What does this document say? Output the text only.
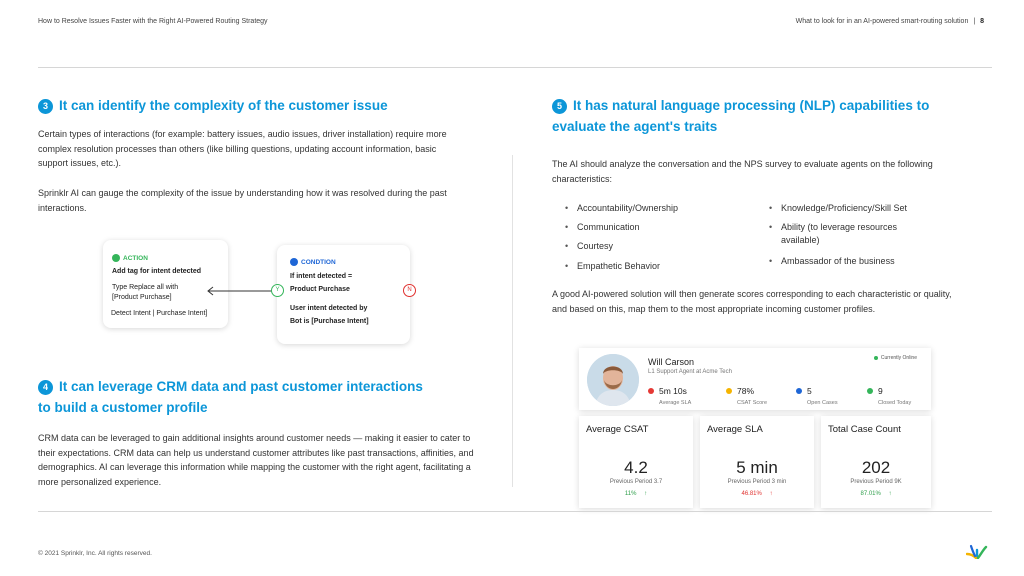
How to Resolve Issues Faster with the Right AI-Powered Routing Strategy	What to look for in an AI-powered smart-routing solution | 8
3 It can identify the complexity of the customer issue
Certain types of interactions (for example: battery issues, audio issues, driver installation) require more complex resolution processes than others (like billing questions, updating account information, basic support issues, etc.).
Sprinklr AI can gauge the complexity of the issue by understanding how it was resolved during the past interactions.
ACTION
Add tag for intent detected
Type Replace all with
[Product Purchase]
Detect Intent | Purchase Intent]
CONDTION
If intent detected =
Product Purchase
User intent detected by
Bot is [Purchase Intent]
Y	N
4 It can leverage CRM data and past customer interactions
to build a customer profile
CRM data can be leveraged to gain additional insights around customer needs — making it easier to cater to their expectations. CRM data can help us understand customer attributes like past transactions, affinities, and demographics. AI can leverage this information while mapping the customer with the right agent, facilitating a more personalized experience.
5 It has natural language processing (NLP) capabilities to
evaluate the agent's traits
The AI should analyze the conversation and the NPS survey to evaluate agents on the following characteristics:
• Accountability/Ownership
• Communication
• Courtesy
• Empathetic Behavior
• Knowledge/Proficiency/Skill Set
• Ability (to leverage resources available)
• Ambassador of the business
A good AI-powered solution will then generate scores corresponding to each characteristic or quality, and based on this, map them to the most appropriate incoming customer profiles.
Will Carson
L1 Support Agent at Acme Tech
Currently Online
5m 10s
Average SLA
78%
CSAT Score
5
Open Cases
9
Closed Today
Average CSAT
4.2
Previous Period 3.7
11% ↑
Average SLA
5 min
Previous Period 3 min
46.81% ↑
Total Case Count
202
Previous Period 9K
87.01% ↑
© 2021 Sprinklr, Inc. All rights reserved.
